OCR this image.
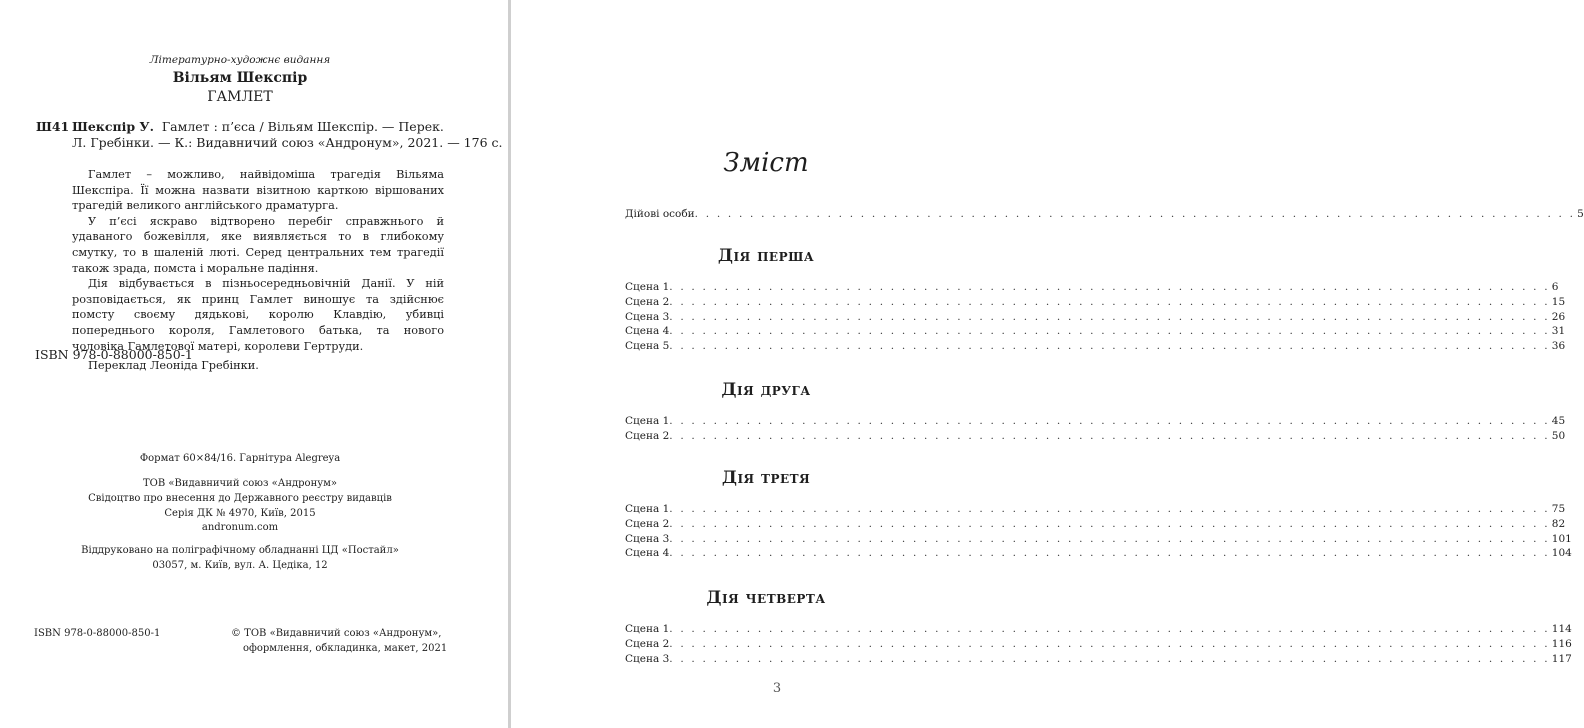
Літературно-художнє видання
Вільям Шекспір
ГАМЛЕТ
Ш41 Шекспір У. Гамлет : п’єса / Вільям Шекспір. — Перек.
Л. Гребінки. — К.: Видавничий союз «Андронум», 2021. — 176 с.

Гамлет – можливо, найвідоміша трагедія Вільяма Шекспіра. Її можна назвати візитною карткою віршованих трагедій великого англійського драматурга.

У п’єсі яскраво відтворено перебіг справжнього й удаваного божевілля, яке виявляється то в глибокому смутку, то в шаленій люті. Серед центральних тем трагедії також зрада, помста і моральне падіння.

Дія відбувається в пізньосередньовічній Данії. У ній розповідається, як принц Гамлет виношує та здійснює помсту своєму дядькові, королю Клавдію, убивці попереднього короля, Гамлетового батька, та нового чоловіка Гамлетової матері, королеви Гертруди.

Переклад Леоніда Гребінки.

ISBN 978-0-88000-850-1
Формат 60×84/16. Гарнітура Alegreya
ТОВ «Видавничий союз «Андронум»
Свідоцтво про внесення до Державного реєстру видавців
Серія ДК № 4970, Київ, 2015
andronum.com
Віддруковано на поліграфічному обладнанні ЦД «Постайл»
03057, м. Київ, вул. А. Цедіка, 12
ISBN 978-0-88000-850-1	© ТОВ «Видавничий союз «Андронум»,
оформлення, обкладинка, макет, 2021
Зміст
Дійові особи . . . . . . . . . . . . . . . . . . . . . . . . . . . . . . . . . . . . . . . . . . . . . . . . . . . . . . . . . . . . . . . . . . . . . . . . . . . . . . . . 5
Дія перша
Сцена 1 . . . . . . . . . . . . . . . . . . . . . . . . . . . . . . . . . . . . . . . . . . . . . . . . . . . . . . . . . . . . . . . . . . . . . . . . . . . . . . . . 6
Сцена 2 . . . . . . . . . . . . . . . . . . . . . . . . . . . . . . . . . . . . . . . . . . . . . . . . . . . . . . . . . . . . . . . . . . . . . . . . . . . . . . . . 15
Сцена 3 . . . . . . . . . . . . . . . . . . . . . . . . . . . . . . . . . . . . . . . . . . . . . . . . . . . . . . . . . . . . . . . . . . . . . . . . . . . . . . . . 26
Сцена 4 . . . . . . . . . . . . . . . . . . . . . . . . . . . . . . . . . . . . . . . . . . . . . . . . . . . . . . . . . . . . . . . . . . . . . . . . . . . . . . . . 31
Сцена 5 . . . . . . . . . . . . . . . . . . . . . . . . . . . . . . . . . . . . . . . . . . . . . . . . . . . . . . . . . . . . . . . . . . . . . . . . . . . . . . . . 36
Дія друга
Сцена 1 . . . . . . . . . . . . . . . . . . . . . . . . . . . . . . . . . . . . . . . . . . . . . . . . . . . . . . . . . . . . . . . . . . . . . . . . . . . . . . . . 45
Сцена 2 . . . . . . . . . . . . . . . . . . . . . . . . . . . . . . . . . . . . . . . . . . . . . . . . . . . . . . . . . . . . . . . . . . . . . . . . . . . . . . . . 50
Дія третя
Сцена 1 . . . . . . . . . . . . . . . . . . . . . . . . . . . . . . . . . . . . . . . . . . . . . . . . . . . . . . . . . . . . . . . . . . . . . . . . . . . . . . . . 75
Сцена 2 . . . . . . . . . . . . . . . . . . . . . . . . . . . . . . . . . . . . . . . . . . . . . . . . . . . . . . . . . . . . . . . . . . . . . . . . . . . . . . . . 82
Сцена 3 . . . . . . . . . . . . . . . . . . . . . . . . . . . . . . . . . . . . . . . . . . . . . . . . . . . . . . . . . . . . . . . . . . . . . . . . . . . . . . . . 101
Сцена 4 . . . . . . . . . . . . . . . . . . . . . . . . . . . . . . . . . . . . . . . . . . . . . . . . . . . . . . . . . . . . . . . . . . . . . . . . . . . . . . . . 104
Дія четверта
Сцена 1 . . . . . . . . . . . . . . . . . . . . . . . . . . . . . . . . . . . . . . . . . . . . . . . . . . . . . . . . . . . . . . . . . . . . . . . . . . . . . . . . 114
Сцена 2 . . . . . . . . . . . . . . . . . . . . . . . . . . . . . . . . . . . . . . . . . . . . . . . . . . . . . . . . . . . . . . . . . . . . . . . . . . . . . . . . 116
Сцена 3 . . . . . . . . . . . . . . . . . . . . . . . . . . . . . . . . . . . . . . . . . . . . . . . . . . . . . . . . . . . . . . . . . . . . . . . . . . . . . . . . 117
3
